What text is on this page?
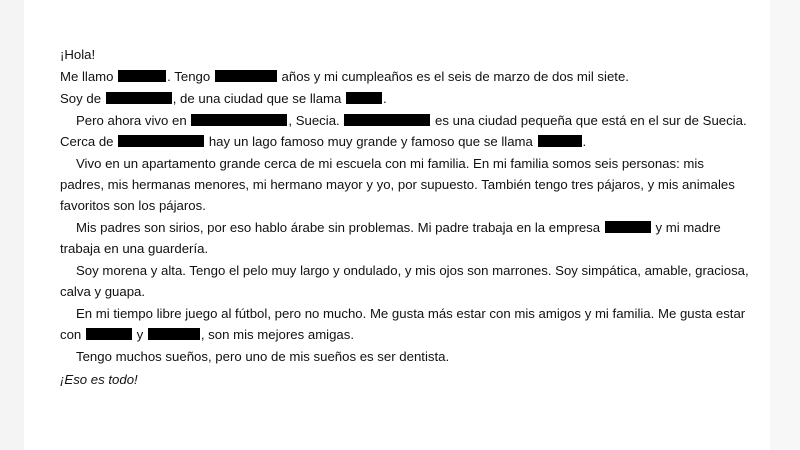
¡Hola!

Me llamo	. Tengo	años y mi cumpleaños es el seis de marzo de dos mil siete.

Soy de	, de una ciudad que se llama	.

Pero ahora vivo en	, Suecia.	es una ciudad pequeña que está en el sur de Suecia. Cerca de	hay un lago famoso muy grande y famoso que se llama	.

Vivo en un apartamento grande cerca de mi escuela con mi familia. En mi familia somos seis personas: mis padres, mis hermanas menores, mi hermano mayor y yo, por supuesto. También tengo tres pájaros, y mis animales favoritos son los pájaros.

Mis padres son sirios, por eso hablo árabe sin problemas. Mi padre trabaja en la empresa	y mi madre trabaja en una guardería.

Soy morena y alta. Tengo el pelo muy largo y ondulado, y mis ojos son marrones. Soy simpática, amable, graciosa, calva y guapa.

En mi tiempo libre juego al fútbol, pero no mucho. Me gusta más estar con mis amigos y mi familia. Me gusta estar con	y	, son mis mejores amigas.

Tengo muchos sueños, pero uno de mis sueños es ser dentista.

¡Eso es todo!
